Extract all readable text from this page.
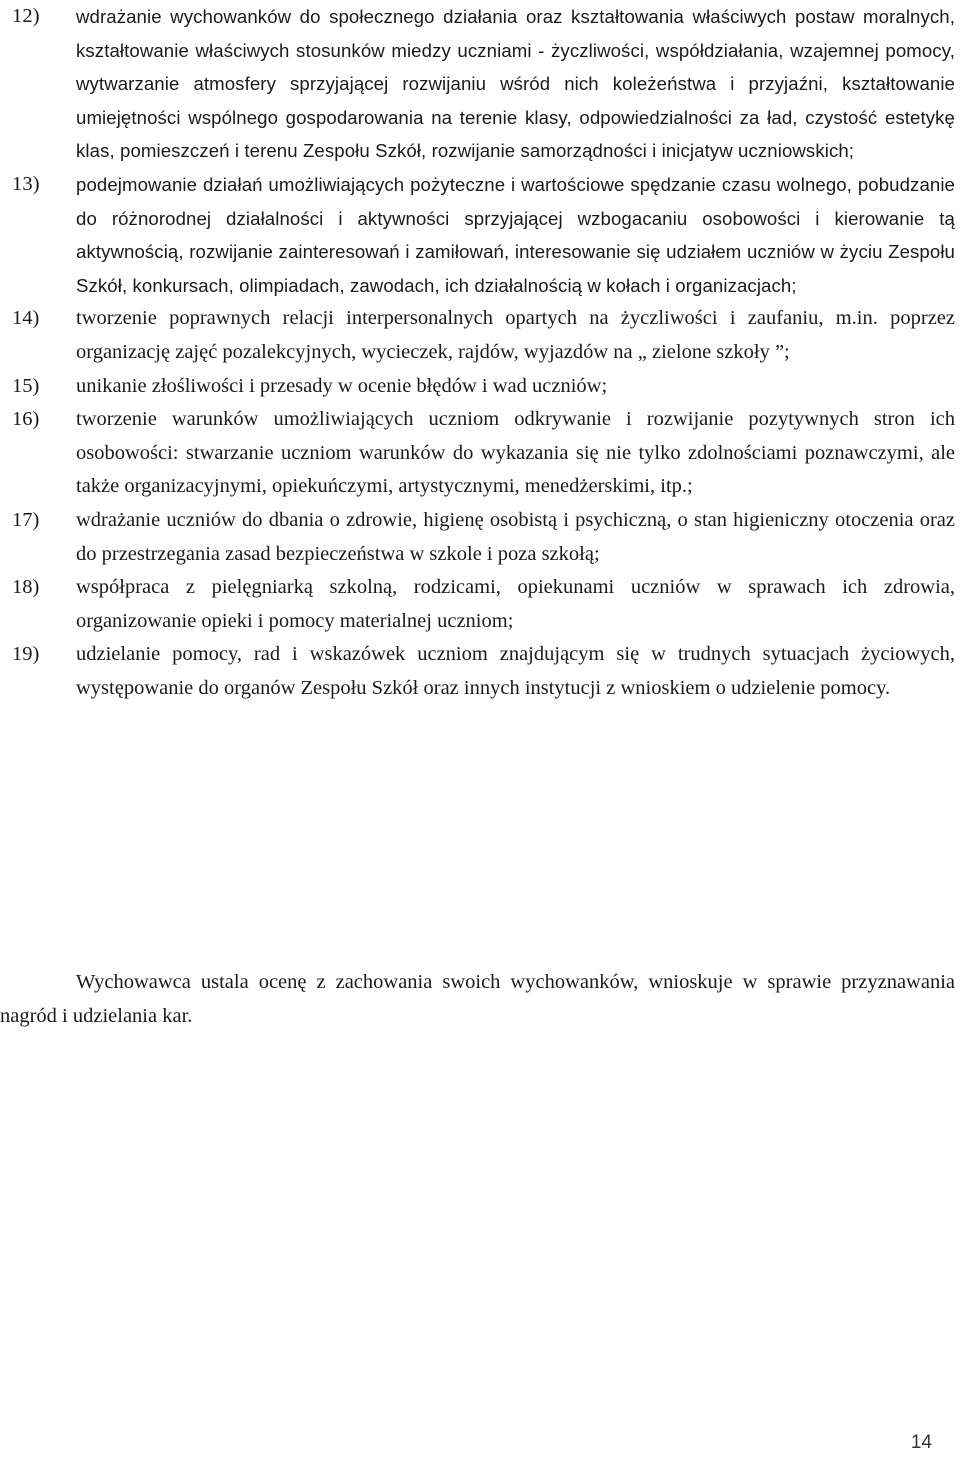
12) wdrażanie wychowanków do społecznego działania oraz kształtowania właściwych postaw moralnych, kształtowanie właściwych stosunków miedzy uczniami - życzliwości, współdziałania, wzajemnej pomocy, wytwarzanie atmosfery sprzyjającej rozwijaniu wśród nich koleżeństwa i przyjaźni, kształtowanie umiejętności wspólnego gospodarowania na terenie klasy, odpowiedzialności za ład, czystość estetykę klas, pomieszczeń i terenu Zespołu Szkół, rozwijanie samorządności i inicjatyw uczniowskich;

13) podejmowanie działań umożliwiających pożyteczne i wartościowe spędzanie czasu wolnego, pobudzanie do różnorodnej działalności i aktywności sprzyjającej wzbogacaniu osobowości i kierowanie tą aktywnością, rozwijanie zainteresowań i zamiłowań, interesowanie się udziałem uczniów w życiu Zespołu Szkół, konkursach, olimpiadach, zawodach, ich działalnością w kołach i organizacjach;

14) tworzenie poprawnych relacji interpersonalnych opartych na życzliwości i zaufaniu, m.in. poprzez organizację zajęć pozalekcyjnych, wycieczek, rajdów, wyjazdów na „ zielone szkoły ”;

15) unikanie złośliwości i przesady w ocenie błędów i wad uczniów;

16) tworzenie warunków umożliwiających uczniom odkrywanie i rozwijanie pozytywnych stron ich osobowości: stwarzanie uczniom warunków do wykazania się nie tylko zdolnościami poznawczymi, ale także organizacyjnymi, opiekuńczymi, artystycznymi, menedżerskimi, itp.;

17) wdrażanie uczniów do dbania o zdrowie, higienę osobistą i psychiczną, o stan higieniczny otoczenia oraz do przestrzegania zasad bezpieczeństwa w szkole i poza szkołą;

18) współpraca z pielęgniarką szkolną, rodzicami, opiekunami uczniów w sprawach ich zdrowia, organizowanie opieki i pomocy materialnej uczniom;

19) udzielanie pomocy, rad i wskazówek uczniom znajdującym się w trudnych sytuacjach życiowych, występowanie do organów Zespołu Szkół oraz innych instytucji z wnioskiem o udzielenie pomocy.

Wychowawca ustala ocenę z zachowania swoich wychowanków, wnioskuje w sprawie przyznawania nagród i udzielania kar.

14
